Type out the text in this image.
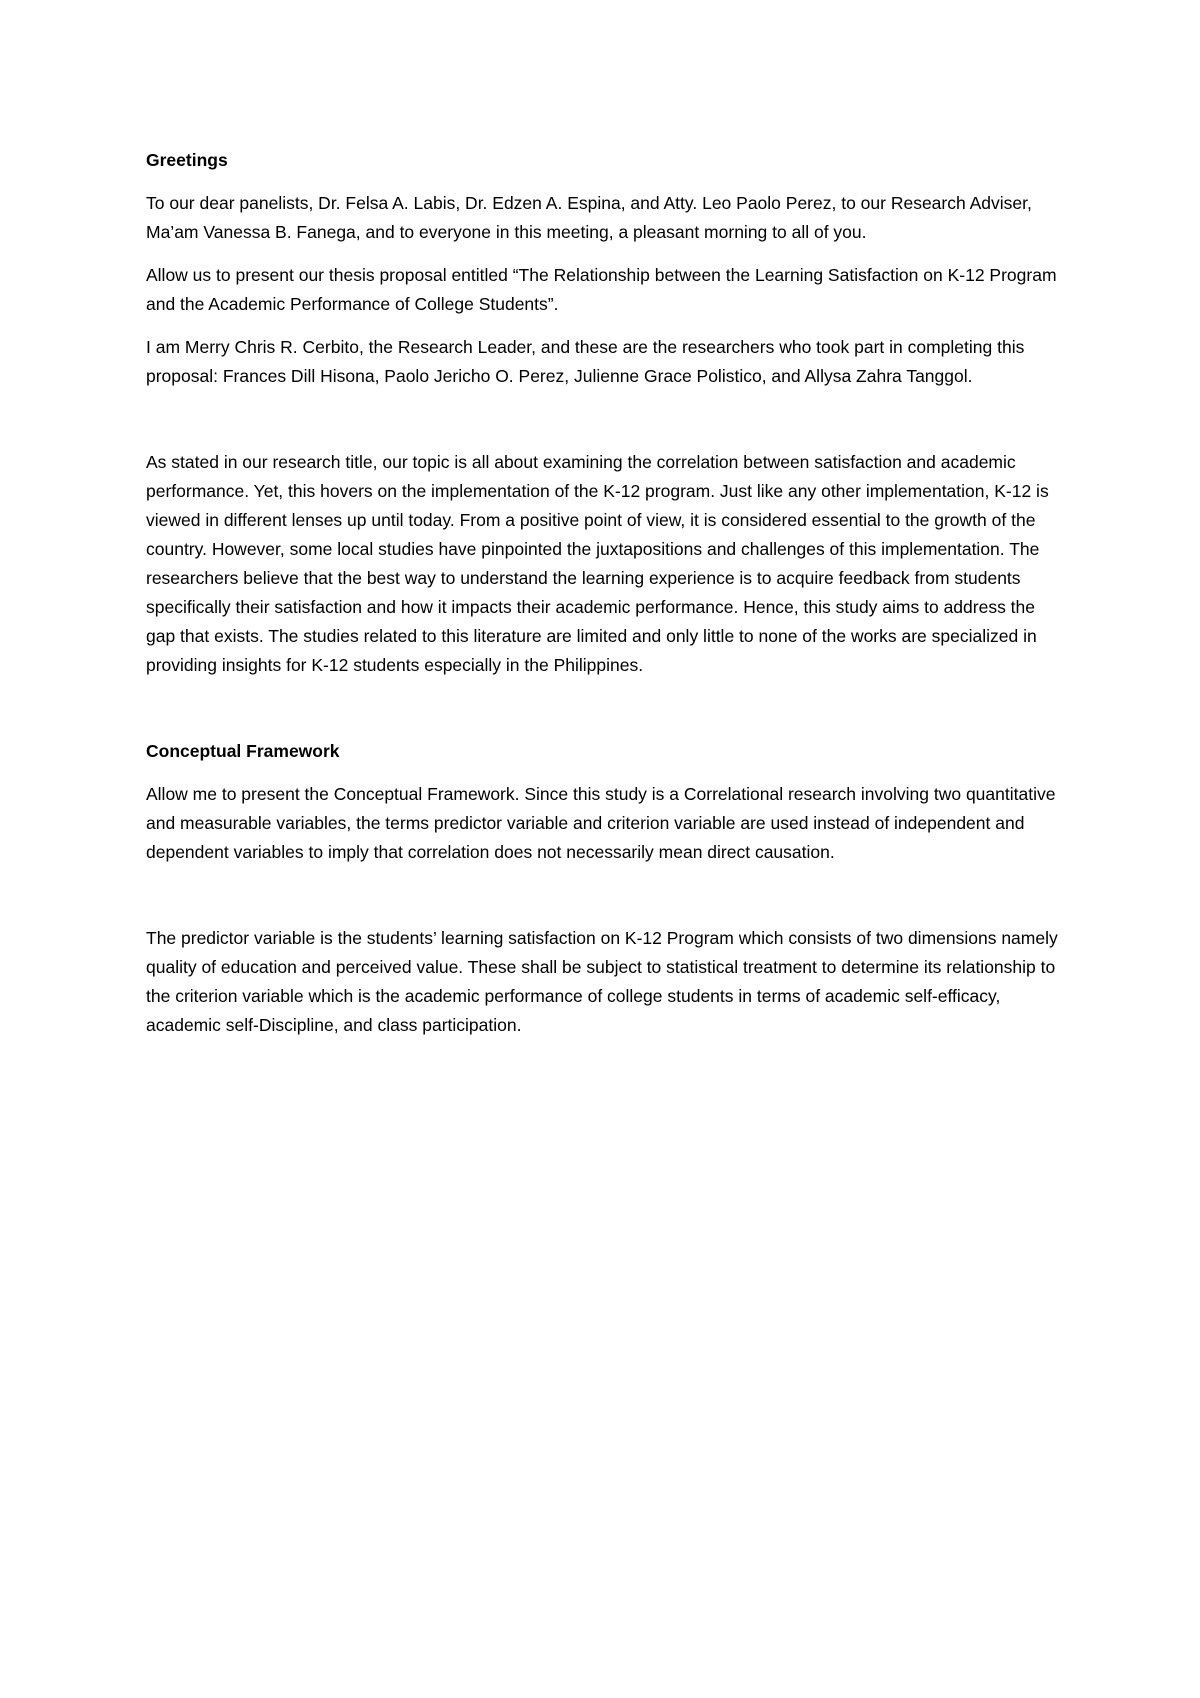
Greetings

To our dear panelists, Dr. Felsa A. Labis, Dr. Edzen A. Espina, and Atty. Leo Paolo Perez, to our Research Adviser, Ma’am Vanessa B. Fanega, and to everyone in this meeting, a pleasant morning to all of you.

Allow us to present our thesis proposal entitled “The Relationship between the Learning Satisfaction on K-12 Program and the Academic Performance of College Students”.

I am Merry Chris R. Cerbito, the Research Leader, and these are the researchers who took part in completing this proposal: Frances Dill Hisona, Paolo Jericho O. Perez, Julienne Grace Polistico, and Allysa Zahra Tanggol.

As stated in our research title, our topic is all about examining the correlation between satisfaction and academic performance. Yet, this hovers on the implementation of the K-12 program. Just like any other implementation, K-12 is viewed in different lenses up until today. From a positive point of view, it is considered essential to the growth of the country. However, some local studies have pinpointed the juxtapositions and challenges of this implementation. The researchers believe that the best way to understand the learning experience is to acquire feedback from students specifically their satisfaction and how it impacts their academic performance. Hence, this study aims to address the gap that exists. The studies related to this literature are limited and only little to none of the works are specialized in providing insights for K-12 students especially in the Philippines.

Conceptual Framework

Allow me to present the Conceptual Framework. Since this study is a Correlational research involving two quantitative and measurable variables, the terms predictor variable and criterion variable are used instead of independent and dependent variables to imply that correlation does not necessarily mean direct causation.

The predictor variable is the students’ learning satisfaction on K-12 Program which consists of two dimensions namely quality of education and perceived value. These shall be subject to statistical treatment to determine its relationship to the criterion variable which is the academic performance of college students in terms of academic self-efficacy, academic self-Discipline, and class participation.
